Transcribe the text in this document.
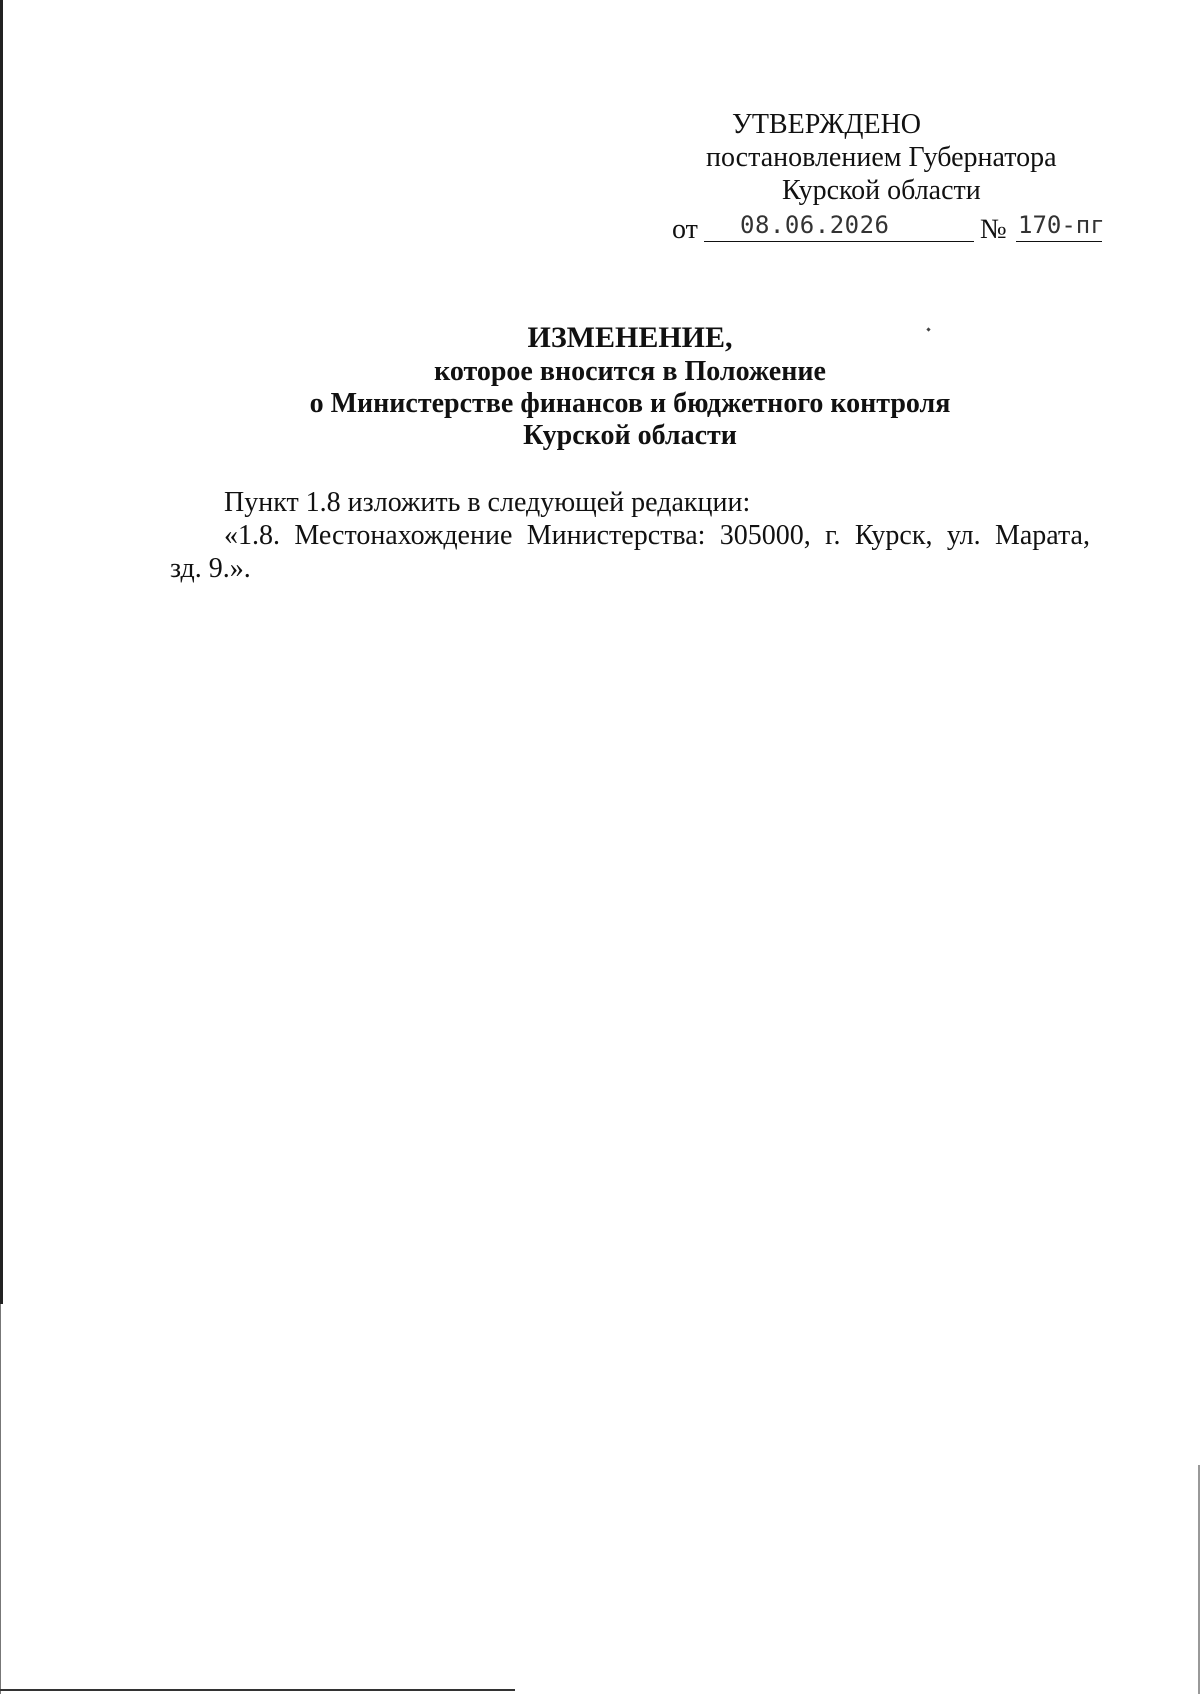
УТВЕРЖДЕНО
постановлением Губернатора
Курской области
от 08.06.2026	№ 170-пг
ИЗМЕНЕНИЕ,
которое вносится в Положение
о Министерстве финансов и бюджетного контроля
Курской области
Пункт 1.8 изложить в следующей редакции:
«1.8. Местонахождение Министерства: 305000, г. Курск, ул. Марата,
зд. 9.».
